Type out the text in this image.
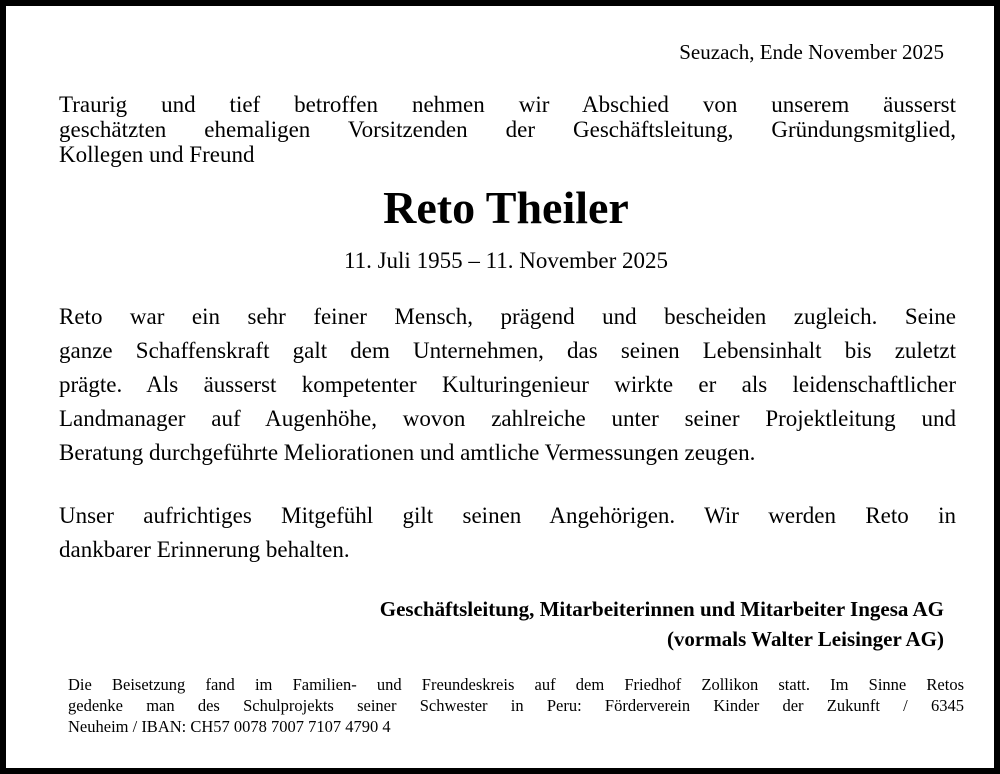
Seuzach, Ende November 2025

Traurig und tief betroffen nehmen wir Abschied von unserem äusserst
geschätzten ehemaligen Vorsitzenden der Geschäftsleitung, Gründungsmitglied,
Kollegen und Freund

Reto Theiler
11. Juli 1955 – 11. November 2025

Reto war ein sehr feiner Mensch, prägend und bescheiden zugleich. Seine
ganze Schaffenskraft galt dem Unternehmen, das seinen Lebensinhalt bis zuletzt
prägte. Als äusserst kompetenter Kulturingenieur wirkte er als leidenschaftlicher
Landmanager auf Augenhöhe, wovon zahlreiche unter seiner Projektleitung und
Beratung durchgeführte Meliorationen und amtliche Vermessungen zeugen.

Unser aufrichtiges Mitgefühl gilt seinen Angehörigen. Wir werden Reto in
dankbarer Erinnerung behalten.

Geschäftsleitung, Mitarbeiterinnen und Mitarbeiter Ingesa AG
(vormals Walter Leisinger AG)

Die Beisetzung fand im Familien- und Freundeskreis auf dem Friedhof Zollikon statt. Im Sinne Retos
gedenke man des Schulprojekts seiner Schwester in Peru: Förderverein Kinder der Zukunft / 6345
Neuheim / IBAN: CH57 0078 7007 7107 4790 4
